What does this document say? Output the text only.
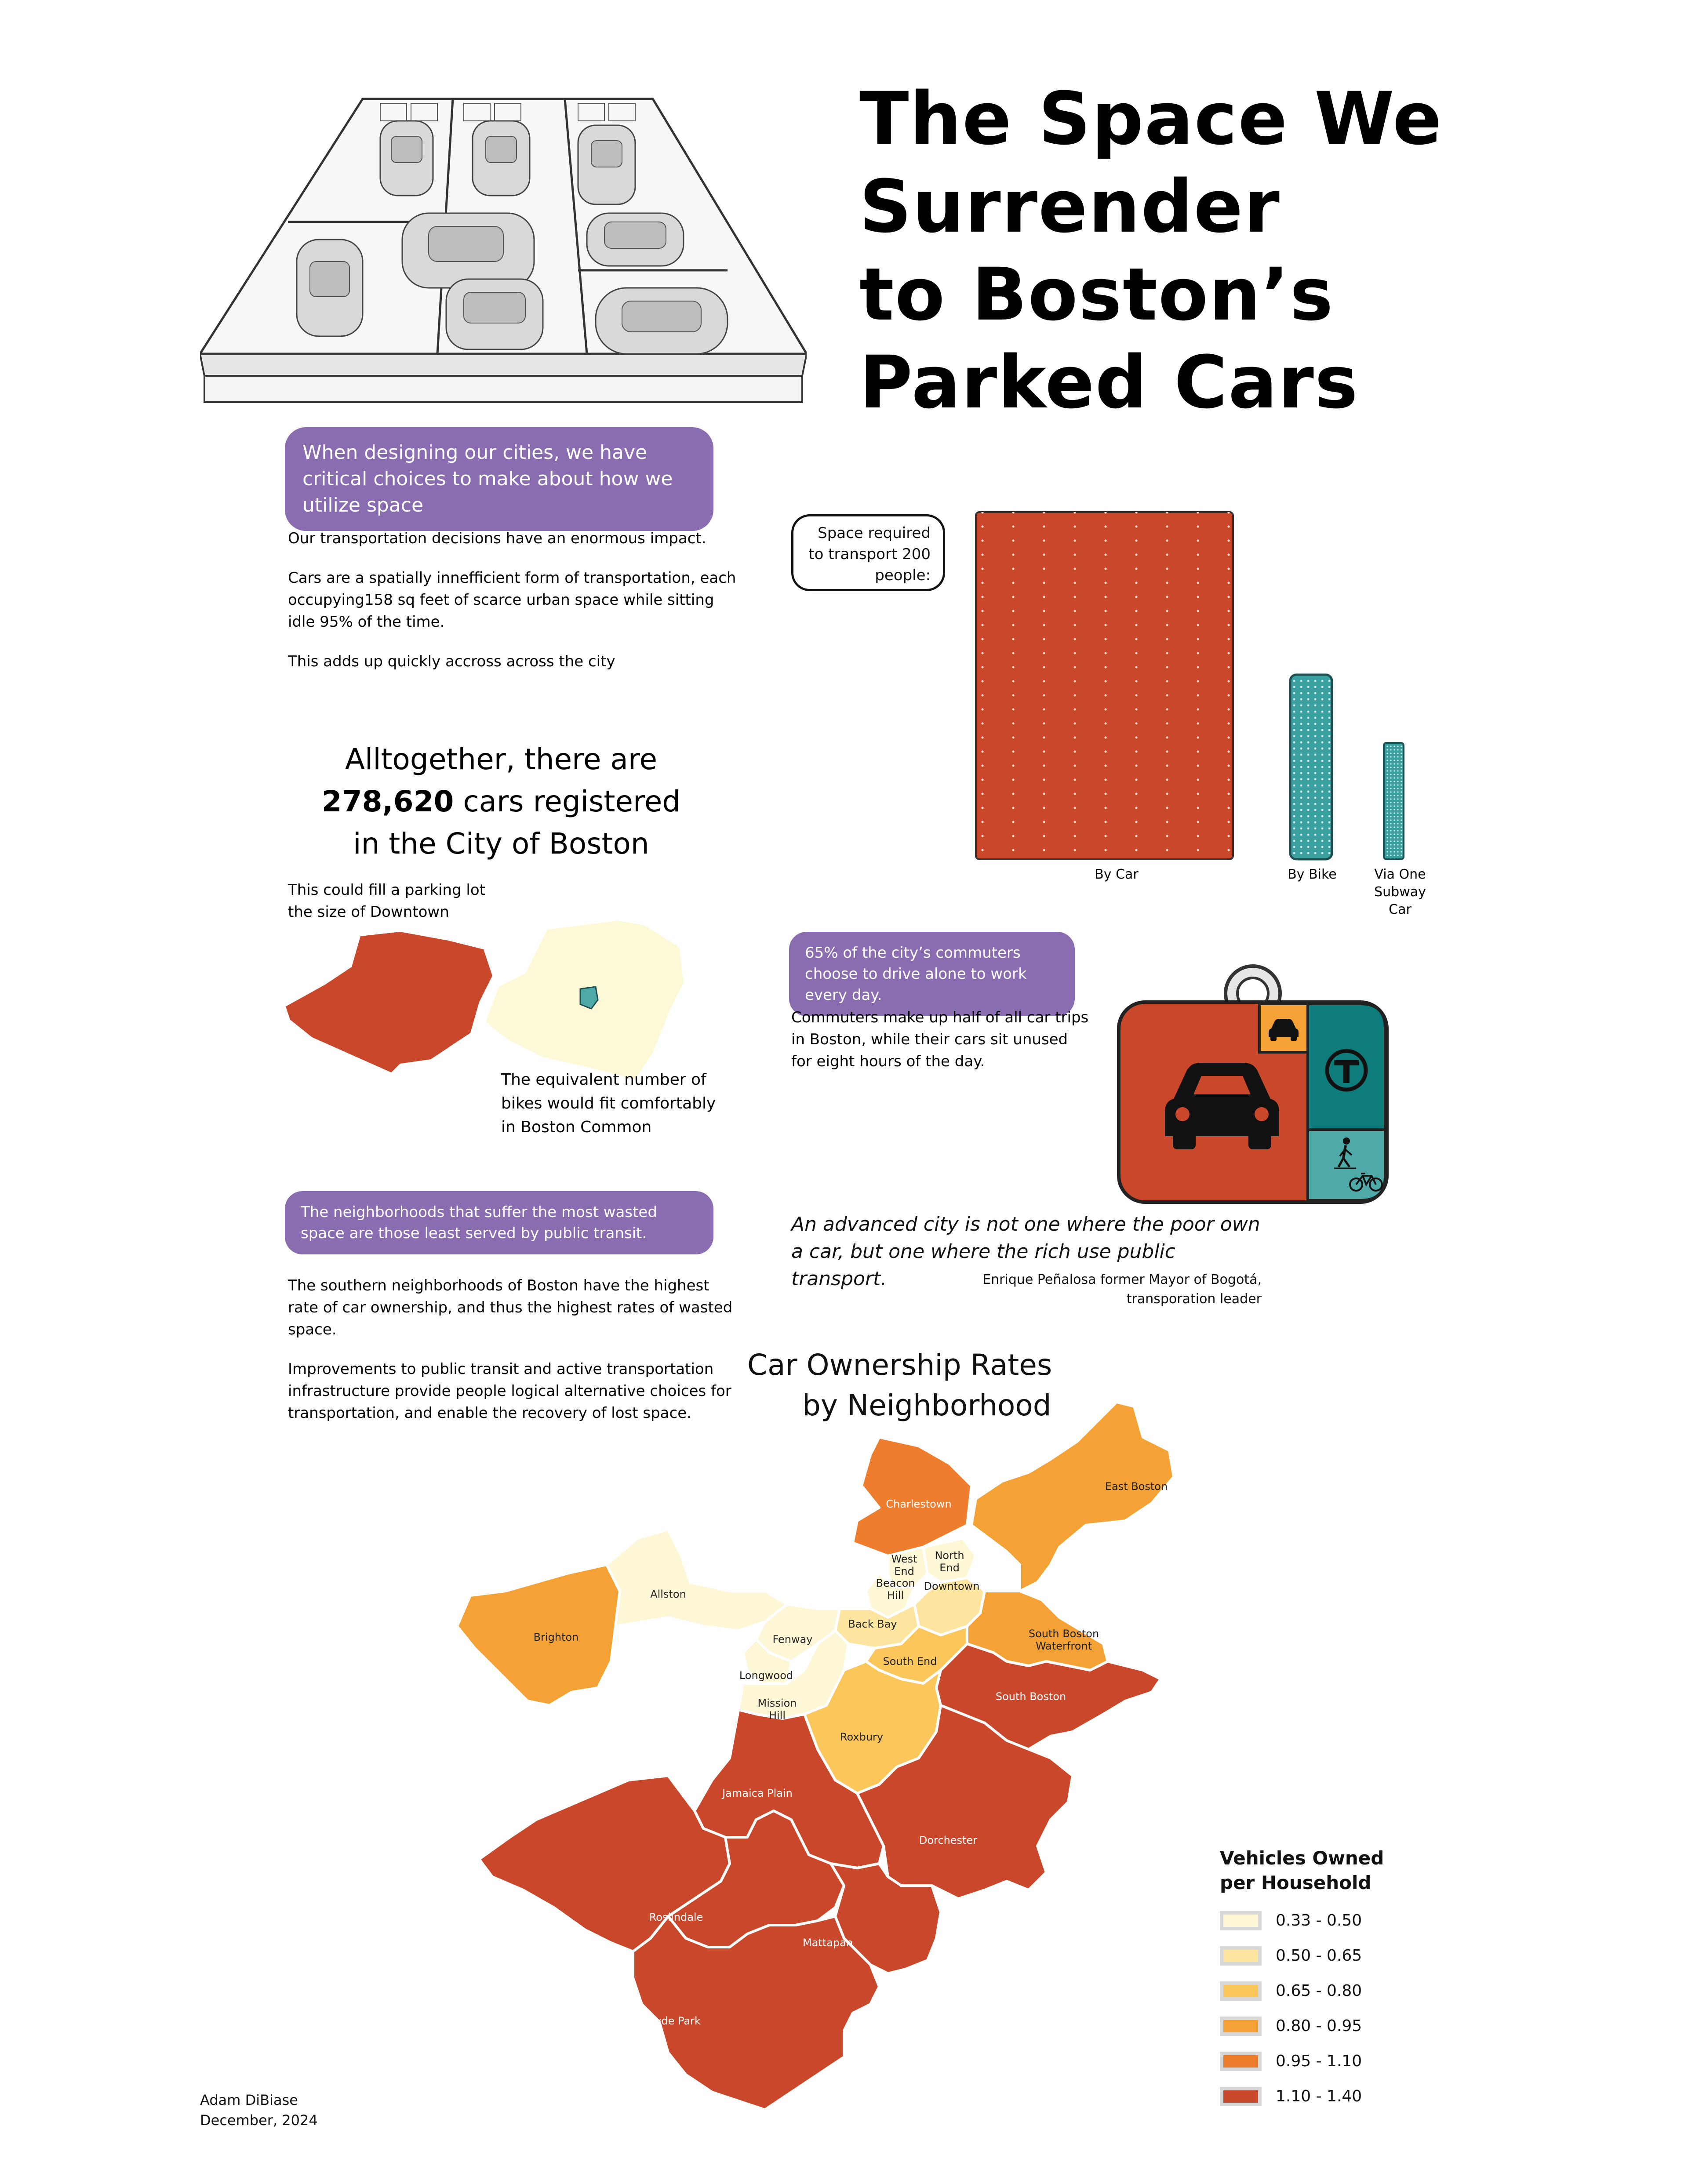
The Space We
Surrender
to Boston’s
Parked Cars
When designing our cities, we have critical choices to make about how we utilize space

Our transportation decisions have an enormous impact.

Cars are a spatially innefficient form of transportation, each occupying158 sq feet of scarce urban space while sitting idle 95% of the time.

This adds up quickly accross across the city

Space required to transport 200 people:
By Car	By Bike	Via One Subway Car
Alltogether, there are
278,620 cars registered
in the City of Boston
This could fill a parking lot the size of Downtown
The equivalent number of bikes would fit comfortably in Boston Common
65% of the city’s commuters choose to drive alone to work every day.
Commuters make up half of all car trips in Boston, while their cars sit unused for eight hours of the day.
The neighborhoods that suffer the most wasted space are those least served by public transit.

The southern neighborhoods of Boston have the highest rate of car ownership, and thus the highest rates of wasted space.

Improvements to public transit and active transportation infrastructure provide people logical alternative choices for transportation, and enable the recovery of lost space.

An advanced city is not one where the poor own a car, but one where the rich use public transport.	Enrique Peñalosa former Mayor of Bogotá,
transporation leader
Car Ownership Rates
by Neighborhood
Charlestown
East Boston
West
End
North
End
Beacon
Hill
Downtown
Allston
Brighton
Back Bay
Fenway	South Boston
Waterfront
South End
South Boston
Longwood
Mission
Hill
Roxbury
Jamaica Plain
Dorchester
West Roxbury
Roslindale
Mattapan
Hyde Park
Vehicles Owned
per Household
0.33 - 0.50
0.50 - 0.65
0.65 - 0.80
0.80 - 0.95
0.95 - 1.10
1.10 - 1.40
Adam DiBiase
December, 2024
